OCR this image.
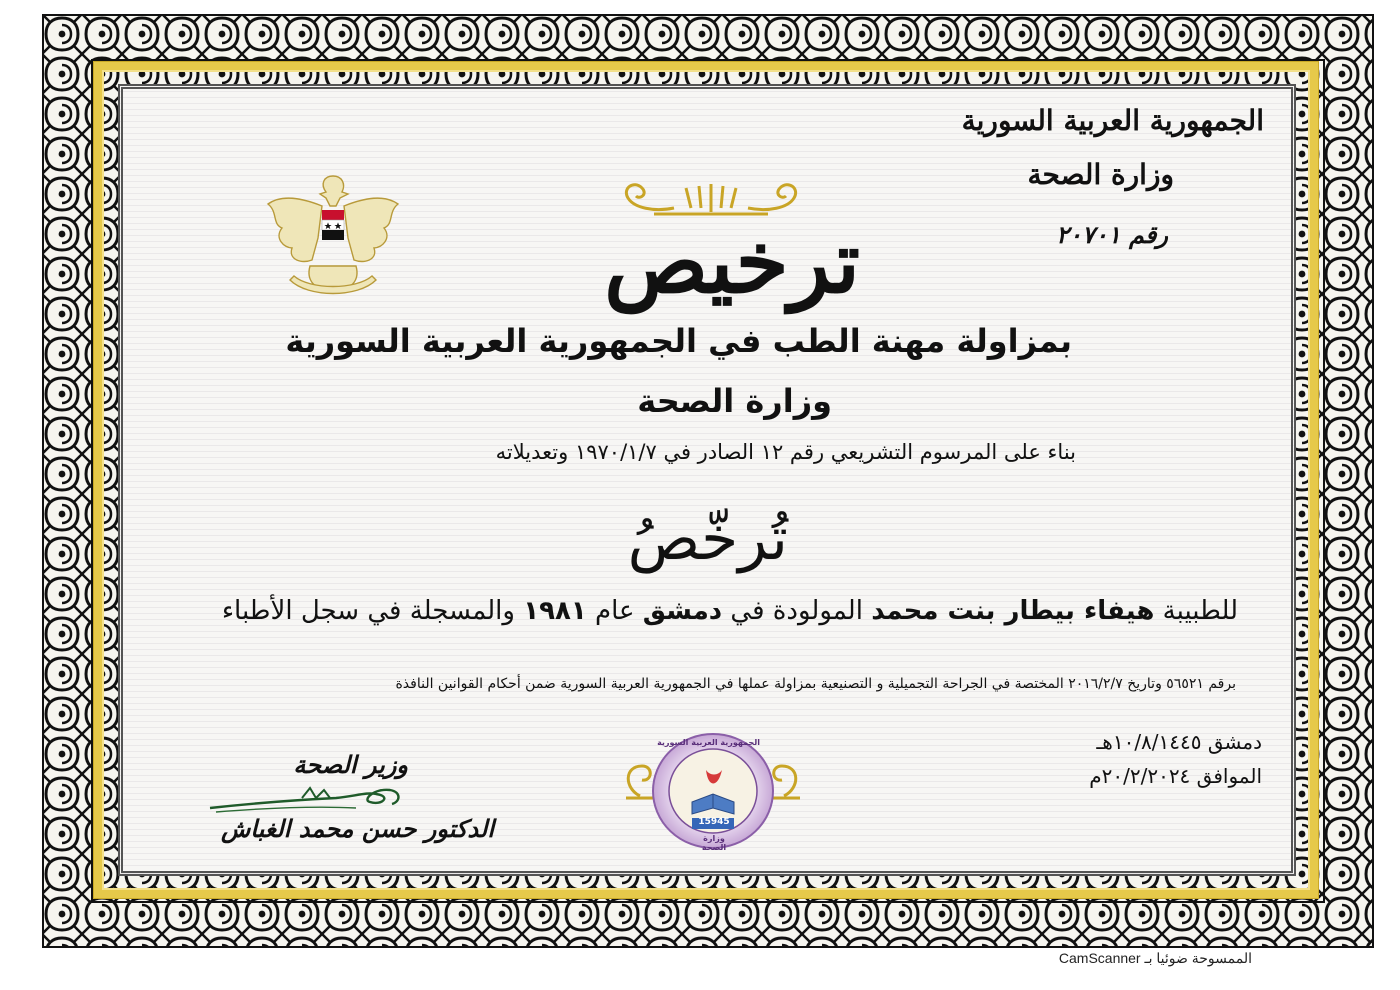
الجمهورية العربية السورية
وزارة الصحة
رقم ٢٠٧٠١
ترخيص
بمزاولة مهنة الطب في الجمهورية العربية السورية
وزارة الصحة
بناء على المرسوم التشريعي رقم ١٢ الصادر في ١٩٧٠/١/٧ وتعديلاته
تُرخّصُ
للطبيبة هيفاء بيطار بنت محمد المولودة في دمشق عام ١٩٨١ والمسجلة في سجل الأطباء
برقم ٥٦٥٢١ وتاريخ ٢٠١٦/٢/٧ المختصة في الجراحة التجميلية و التصنيعية بمزاولة عملها في الجمهورية العربية السورية ضمن أحكام القوانين النافذة
دمشق ١٠/٨/١٤٤٥هـ
الموافق ٢٠/٢/٢٠٢٤م
15945
الجمهورية العربية السورية
وزارة الصحة
وزير الصحة
الدكتور حسن محمد الغباش
الممسوحة ضوئيا بـ CamScanner
